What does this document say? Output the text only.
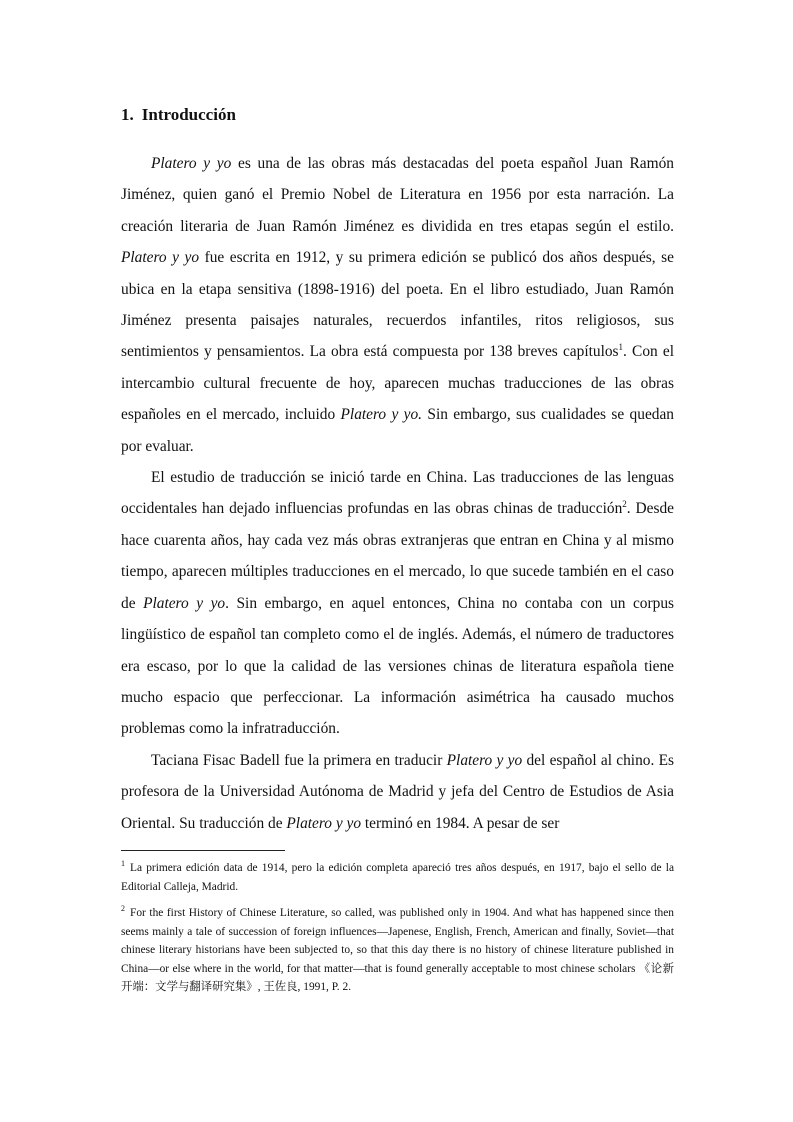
1. Introducción

Platero y yo es una de las obras más destacadas del poeta español Juan Ramón Jiménez, quien ganó el Premio Nobel de Literatura en 1956 por esta narración. La creación literaria de Juan Ramón Jiménez es dividida en tres etapas según el estilo. Platero y yo fue escrita en 1912, y su primera edición se publicó dos años después, se ubica en la etapa sensitiva (1898-1916) del poeta. En el libro estudiado, Juan Ramón Jiménez presenta paisajes naturales, recuerdos infantiles, ritos religiosos, sus sentimientos y pensamientos. La obra está compuesta por 138 breves capítulos$^1$. Con el intercambio cultural frecuente de hoy, aparecen muchas traducciones de las obras españoles en el mercado, incluido Platero y yo. Sin embargo, sus cualidades se quedan por evaluar.

El estudio de traducción se inició tarde en China. Las traducciones de las lenguas occidentales han dejado influencias profundas en las obras chinas de traducción$^2$. Desde hace cuarenta años, hay cada vez más obras extranjeras que entran en China y al mismo tiempo, aparecen múltiples traducciones en el mercado, lo que sucede también en el caso de Platero y yo. Sin embargo, en aquel entonces, China no contaba con un corpus lingüístico de español tan completo como el de inglés. Además, el número de traductores era escaso, por lo que la calidad de las versiones chinas de literatura española tiene mucho espacio que perfeccionar. La información asimétrica ha causado muchos problemas como la infratraducción.

Taciana Fisac Badell fue la primera en traducir Platero y yo del español al chino. Es profesora de la Universidad Autónoma de Madrid y jefa del Centro de Estudios de Asia Oriental. Su traducción de Platero y yo terminó en 1984. A pesar de ser

$^1$ La primera edición data de 1914, pero la edición completa apareció tres años después, en 1917, bajo el sello de la Editorial Calleja, Madrid.

$^2$ For the first History of Chinese Literature, so called, was published only in 1904. And what has happened since then seems mainly a tale of succession of foreign influences—Japenese, English, French, American and finally, Soviet—that chinese literary historians have been subjected to, so that this day there is no history of chinese literature published in China—or else where in the world, for that matter—that is found generally acceptable to most chinese scholars 《论新开端：文学与翻译研究集》, 王佐良, 1991, P. 2.
